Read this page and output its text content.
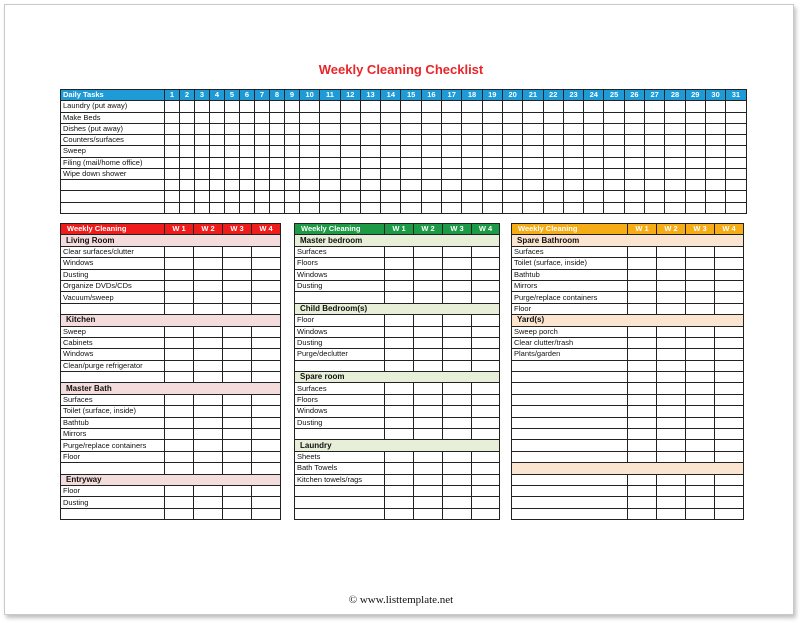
Weekly Cleaning Checklist
Daily Tasks	1	2	3	4	5	6	7	8	9	10	11	12	13	14	15	16	17	18	19	20	21	22	23	24	25	26	27	28	29	30	31
Laundry (put away)																															
Make Beds																															
Dishes (put away)																															
Counters/surfaces																															
Sweep																															
Filing (mail/home office)																															
Wipe down shower																															

Weekly Cleaning	W 1	W 2	W 3	W 4
Living Room				
Clear surfaces/clutter				
Windows				
Dusting				
Organize DVDs/CDs				
Vacuum/sweep				

Kitchen				
Sweep				
Cabinets				
Windows				
Clean/purge refrigerator				

Master Bath				
Surfaces				
Toilet (surface, inside)				
Bathtub				
Mirrors				
Purge/replace containers				
Floor				

Entryway				
Floor				
Dusting				

Weekly Cleaning	W 1	W 2	W 3	W 4
Master bedroom				
Surfaces				
Floors				
Windows				
Dusting				

Child Bedroom(s)				
Floor				
Windows				
Dusting				
Purge/declutter				

Spare room				
Surfaces				
Floors				
Windows				
Dusting				

Laundry				
Sheets				
Bath Towels				
Kitchen towels/rags				

Weekly Cleaning	W 1	W 2	W 3	W 4
Spare Bathroom				
Surfaces				
Toilet (surface, inside)				
Bathtub				
Mirrors				
Purge/replace containers				
Floor				
Yard(s)				
Sweep porch				
Clear clutter/trash				
Plants/garden				

© www.listtemplate.net
